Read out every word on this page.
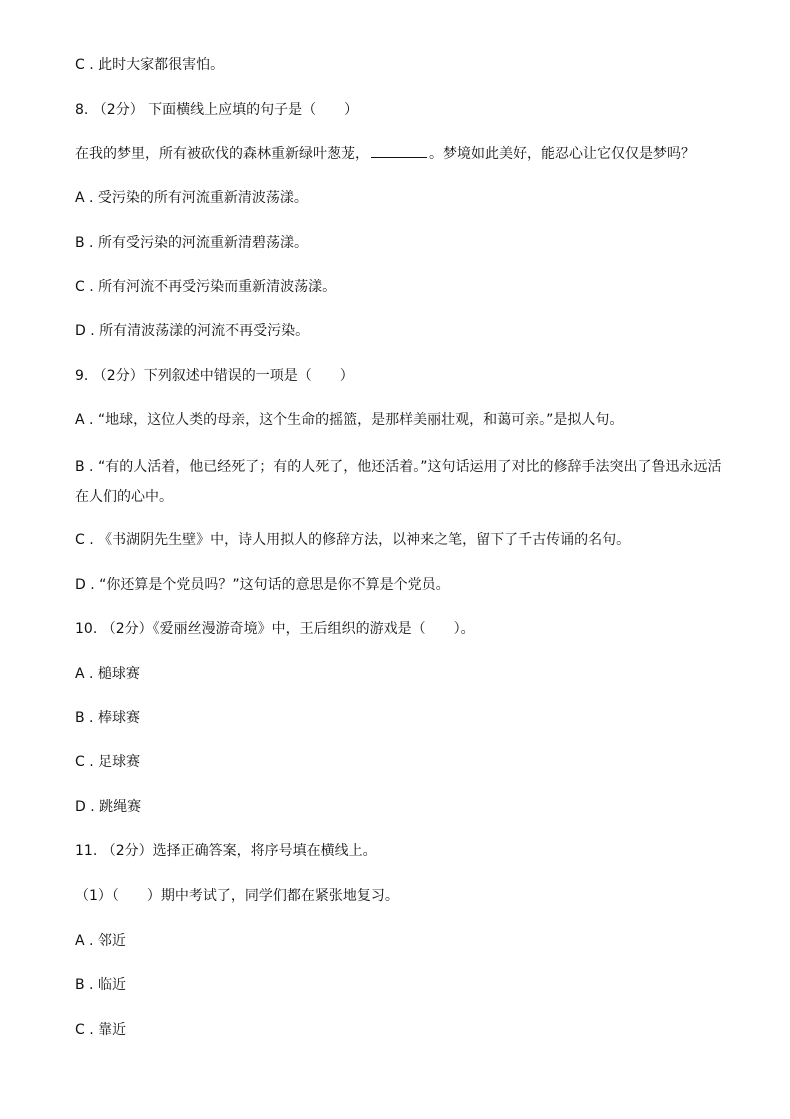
C . 此时大家都很害怕。
8. （2分） 下面横线上应填的句子是（　　）
在我的梦里，所有被砍伐的森林重新绿叶葱茏，	。梦境如此美好，能忍心让它仅仅是梦吗？
A . 受污染的所有河流重新清波荡漾。
B . 所有受污染的河流重新清碧荡漾。
C . 所有河流不再受污染而重新清波荡漾。
D . 所有清波荡漾的河流不再受污染。
9. （2分）下列叙述中错误的一项是（　　）
A . “地球，这位人类的母亲，这个生命的摇篮，是那样美丽壮观，和蔼可亲。”是拟人句。
B . “有的人活着，他已经死了；有的人死了，他还活着。”这句话运用了对比的修辞手法突出了鲁迅永远活在人们的心中。
C . 《书湖阴先生壁》中，诗人用拟人的修辞方法，以神来之笔，留下了千古传诵的名句。
D . “你还算是个党员吗？”这句话的意思是你不算是个党员。
10. （2分）《爱丽丝漫游奇境》中，王后组织的游戏是（　　）。
A . 槌球赛
B . 棒球赛
C . 足球赛
D . 跳绳赛
11. （2分）选择正确答案，将序号填在横线上。
（1）（　　）期中考试了，同学们都在紧张地复习。
A . 邻近
B . 临近
C . 靠近
